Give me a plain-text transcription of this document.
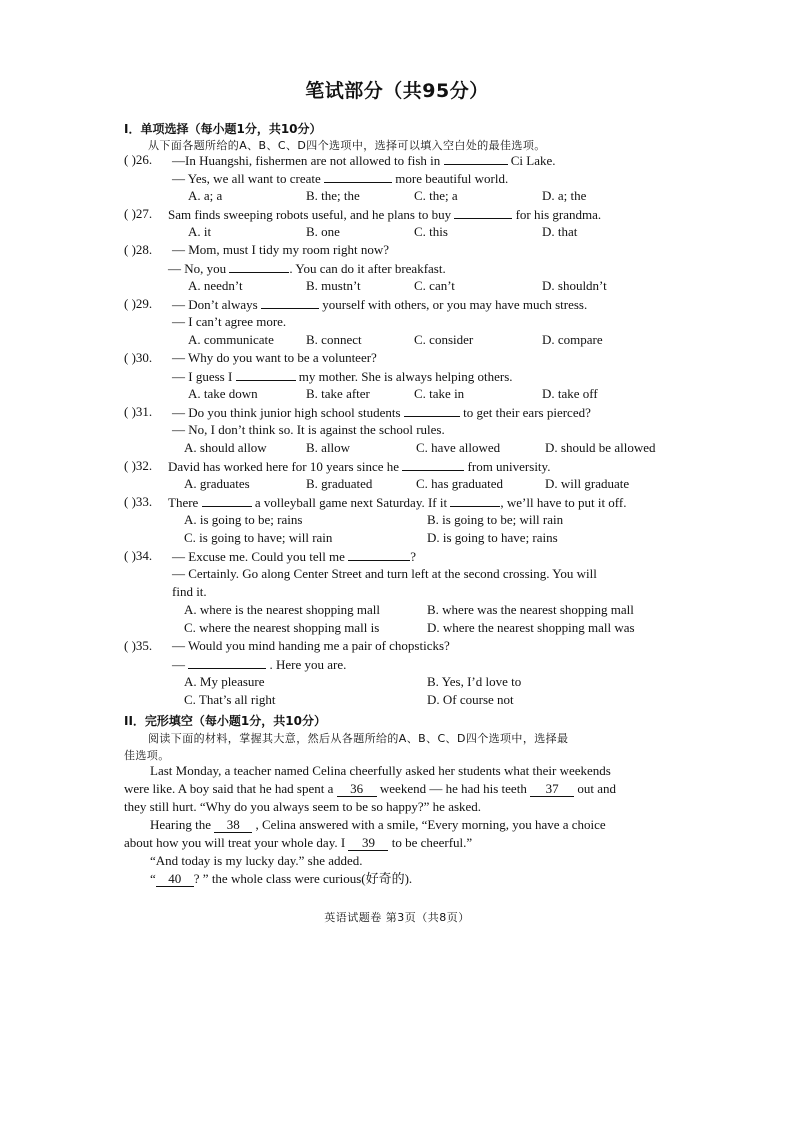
笔试部分（共95分）
I．单项选择（每小题1分，共10分）
从下面各题所给的A、B、C、D四个选项中，选择可以填入空白处的最佳选项。
( )26. —In Huangshi, fishermen are not allowed to fish in	Ci Lake.
— Yes, we all want to create	more beautiful world.
A. a; a	B. the; the	C. the; a	D. a; the
( )27. Sam finds sweeping robots useful, and he plans to buy	for his grandma.
A. it	B. one	C. this	D. that
( )28. — Mom, must I tidy my room right now?
— No, you	. You can do it after breakfast.
A. needn’t	B. mustn’t	C. can’t	D. shouldn’t
( )29. — Don’t always	yourself with others, or you may have much stress.
— I can’t agree more.
A. communicate B. connect	C. consider	D. compare
( )30. — Why do you want to be a volunteer?
— I guess I	my mother. She is always helping others.
A. take down	B. take after	C. take in	D. take off
( )31. — Do you think junior high school students	to get their ears pierced?
— No, I don’t think so. It is against the school rules.
A. should allow	B. allow	C. have allowed	D. should be allowed
( )32. David has worked here for 10 years since he	from university.
A. graduates	B. graduated	C. has graduated	D. will graduate
( )33. There	a volleyball game next Saturday. If it	, we’ll have to put it off.
A. is going to be; rains	B. is going to be; will rain
C. is going to have; will rain	D. is going to have; rains
( )34. — Excuse me. Could you tell me	?
— Certainly. Go along Center Street and turn left at the second crossing. You will
find it.
A. where is the nearest shopping mall	B. where was the nearest shopping mall
C. where the nearest shopping mall is	D. where the nearest shopping mall was
( )35. — Would you mind handing me a pair of chopsticks?
—	. Here you are.
A. My pleasure	B. Yes, I’d love to
C. That’s all right	D. Of course not
II．完形填空（每小题1分，共10分）
阅读下面的材料，掌握其大意，然后从各题所给的A、B、C、D四个选项中，选择最
佳选项。
Last Monday, a teacher named Celina cheerfully asked her students what their weekends
were like. A boy said that he had spent a 36 weekend — he had his teeth 37 out and
they still hurt. “Why do you always seem to be so happy?” he asked.
Hearing the 38 , Celina answered with a smile, “Every morning, you have a choice
about how you will treat your whole day. I 39 to be cheerful.”
“And today is my lucky day.” she added.
“ 40 ? ” the whole class were curious(好奇的).
英语试题卷 第3页（共8页）
